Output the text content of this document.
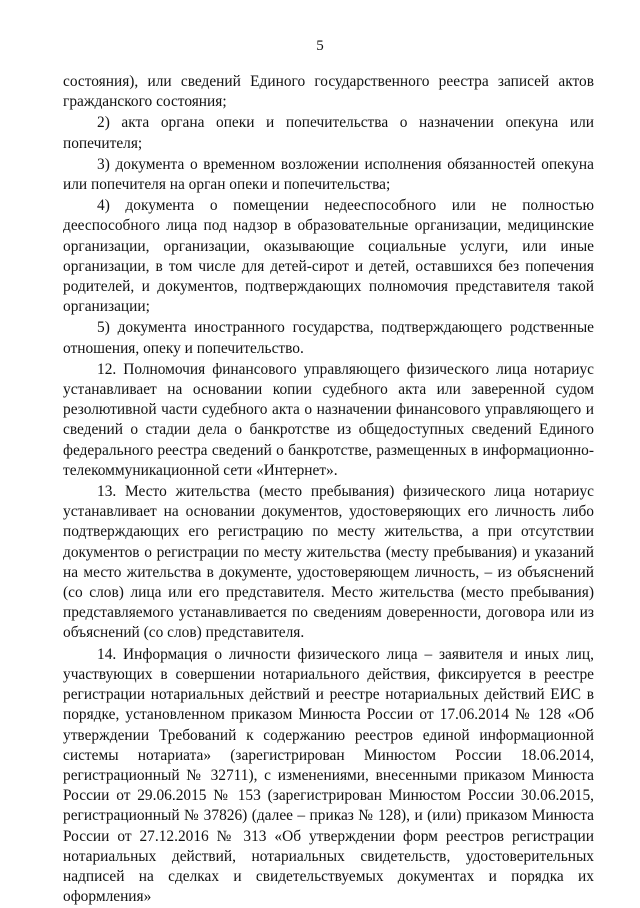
5

состояния), или сведений Единого государственного реестра записей актов гражданского состояния;

2) акта органа опеки и попечительства о назначении опекуна или попечителя;

3) документа о временном возложении исполнения обязанностей опекуна или попечителя на орган опеки и попечительства;

4) документа о помещении недееспособного или не полностью дееспособного лица под надзор в образовательные организации, медицинские организации, организации, оказывающие социальные услуги, или иные организации, в том числе для детей-сирот и детей, оставшихся без попечения родителей, и документов, подтверждающих полномочия представителя такой организации;

5) документа иностранного государства, подтверждающего родственные отношения, опеку и попечительство.

12. Полномочия финансового управляющего физического лица нотариус устанавливает на основании копии судебного акта или заверенной судом резолютивной части судебного акта о назначении финансового управляющего и сведений о стадии дела о банкротстве из общедоступных сведений Единого федерального реестра сведений о банкротстве, размещенных в информационно-телекоммуникационной сети «Интернет».

13. Место жительства (место пребывания) физического лица нотариус устанавливает на основании документов, удостоверяющих его личность либо подтверждающих его регистрацию по месту жительства, а при отсутствии документов о регистрации по месту жительства (месту пребывания) и указаний на место жительства в документе, удостоверяющем личность, – из объяснений (со слов) лица или его представителя. Место жительства (место пребывания) представляемого устанавливается по сведениям доверенности, договора или из объяснений (со слов) представителя.

14. Информация о личности физического лица – заявителя и иных лиц, участвующих в совершении нотариального действия, фиксируется в реестре регистрации нотариальных действий и реестре нотариальных действий ЕИС в порядке, установленном приказом Минюста России от 17.06.2014 № 128 «Об утверждении Требований к содержанию реестров единой информационной системы нотариата» (зарегистрирован Минюстом России 18.06.2014, регистрационный № 32711), с изменениями, внесенными приказом Минюста России от 29.06.2015 № 153 (зарегистрирован Минюстом России 30.06.2015, регистрационный № 37826) (далее – приказ № 128), и (или) приказом Минюста России от 27.12.2016 № 313 «Об утверждении форм реестров регистрации нотариальных действий, нотариальных свидетельств, удостоверительных надписей на сделках и свидетельствуемых документах и порядка их оформления»
